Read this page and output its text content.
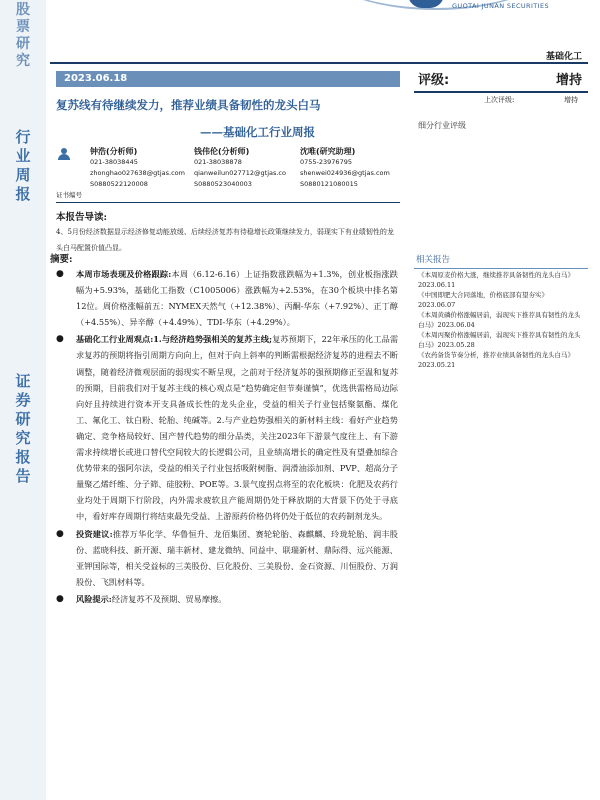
股票研究
行业周报
证券研究报告
GUOTAI JUNAN SECURITIES
基础化工
2023.06.18
复苏线有待继续发力，推荐业绩具备韧性的龙头白马
——基础化工行业周报
钟浩(分析师)
021-38038445
zhonghao027638@gtjas.com
S0880522120008
钱伟伦(分析师)
021-38038878
qianweilun027712@gtjas.co
S0880523040003
沈唯(研究助理)
0755-23976795
shenwei024936@gtjas.com
S0880121080015
证书编号
评级:	增持
上次评级:	增持
细分行业评级
相关报告
《本周原麦价格大涨，继续推荐具备韧性的龙头白马》2023.06.11
《中国即肥大合同落地，价格底部有望夯实》2023.06.07
《本周黄磷价格涨幅居前，弱现实下推荐具有韧性的龙头白马》2023.06.04
《本周丙聚价格涨幅居前，弱现实下推荐具有韧性的龙头白马》2023.05.28
《农药备货节奏分析，推荐业绩具备韧性的龙头白马》2023.05.21
本报告导读:
4、5月份经济数据显示经济修复动能放缓、后续经济复苏有待稳增长政策继续发力，弱现实下有业绩韧性的龙头白马配置价值凸显。
摘要:
● 本周市场表现及价格跟踪:本周（6.12-6.16）上证指数涨跌幅为+1.3%，创业板指涨跌幅为+5.93%，基础化工指数（C1005006）涨跌幅为+2.53%，在30个板块中排名第12位。周价格涨幅前五：NYMEX天然气（+12.38%）、丙酮-华东（+7.92%）、正丁醇（+4.55%）、异辛醇（+4.49%）、TDI-华东（+4.29%）。
● 基础化工行业周观点:1.与经济趋势强相关的复苏主线;复苏预期下，22年承压的化工品需求复苏的预期将指引周期方向向上，但对于向上斜率的判断需根据经济复苏的进程去不断调整，随着经济微观层面的弱现实不断呈现，之前对于经济复苏的强预期修正至温和复苏的预期，目前我们对于复苏主线的核心观点是“趋势确定但节奏谨慎”，优选供需格局边际向好且持续进行资本开支具备成长性的龙头企业，受益的相关子行业包括聚氨酯、煤化工、氟化工、钛白粉、轮胎、纯碱等。2.与产业趋势强相关的新材料主线：看好产业趋势确定、竞争格局较好、国产替代趋势的细分品类，关注2023年下游景气度往上、有下游需求持续增长或进口替代空间较大的长逻辑公司，且业绩高增长的确定性及有望叠加综合优势带来的强阿尔法，受益的相关子行业包括吸附树脂、润滑油添加剂、PVP、超高分子量聚乙烯纤维、分子筛、硅胶粉、POE等。3.景气度拐点将至的农化板块：化肥及农药行业均处于周期下行阶段，内外需求疲软且产能周期仍处于释放期的大背景下仍处于寻底中，看好库存周期行将结束最先受益、上游原药价格仍将仍处于低位的农药制剂龙头。
● 投资建议:推荐万华化学、华鲁恒升、龙佰集团、赛轮轮胎、森麒麟、玲珑轮胎、润丰股份、蓝晓科技、新开源、瑞丰新材、建龙微纳、同益中、联瑞新材、鼎际得、远兴能源、亚钾国际等，相关受益标的三美股份、巨化股份、三美股份、金石资源、川恒股份、万润股份、飞凯材料等。
● 风险提示:经济复苏不及预期、贸易摩擦。
